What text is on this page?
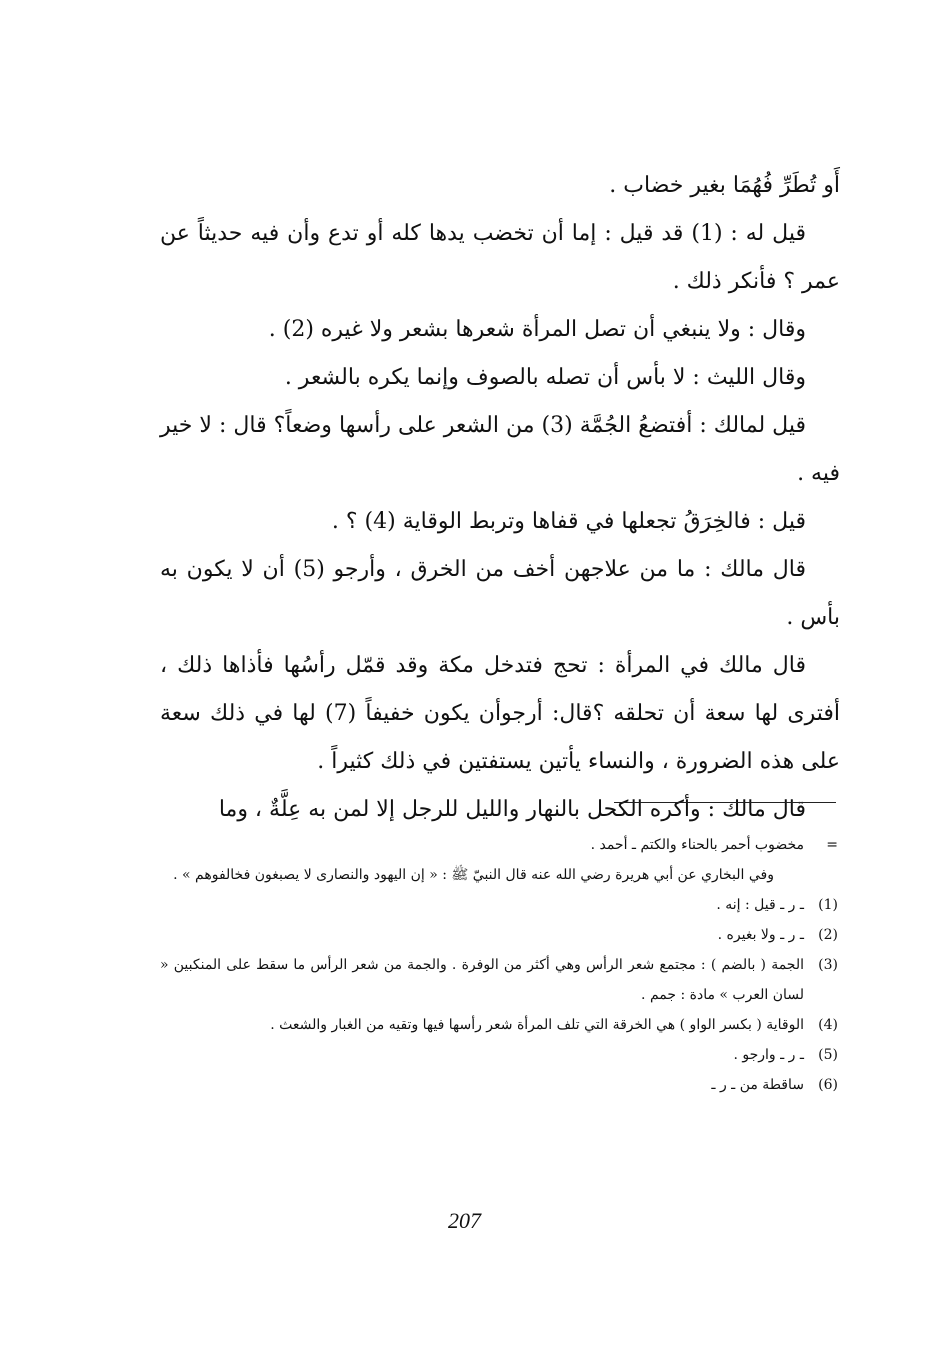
أَو تُطَرِّ فُهُمَا بغير خضاب .

قيل له : (1) قد قيل : إما أن تخضب يدها كله أو تدع وأن فيه حديثاً عن عمر ؟ فأنكر ذلك .

وقال : ولا ينبغي أن تصل المرأة شعرها بشعر ولا غيره (2) .

وقال الليث : لا بأس أن تصله بالصوف وإنما يكره بالشعر .

قيل لمالك : أفتضعُ الجُمَّة (3) من الشعر على رأسها وضعاً؟ قال : لا خير فيه .

قيل : فالخِرَقُ تجعلها في قفاها وتربط الوقاية (4) ؟ .

قال مالك : ما من علاجهن أخف من الخرق ، وأرجو (5) أن لا يكون به بأس .

قال مالك في المرأة : تحج فتدخل مكة وقد قمّل رأسُها فأذاها ذلك ، أفترى لها سعة أن تحلقه ؟قال: أرجوأن يكون خفيفاً (7) لها في ذلك سعة على هذه الضرورة ، والنساء يأتين يستفتين في ذلك كثيراً .

قال مالك : وأكره الكحل بالنهار والليل للرجل إلا لمن به عِلَّةٌ ، وما

=
مخضوب أحمر بالحناء والكتم ـ أحمد .
وفي البخاري عن أبي هريرة رضي الله عنه قال النبيّ ﷺ : « إن اليهود والنصارى لا يصبغون فخالفوهم » .
(1)
ـ ر ـ قيل : إنه .
(2)
ـ ر ـ ولا بغيره .
(3)
الجمة ( بالضم ) : مجتمع شعر الرأس وهي أكثر من الوفرة . والجمة من شعر الرأس ما سقط على المنكبين « لسان العرب » مادة : جمم .
(4)
الوقاية ( بكسر الواو ) هي الخرقة التي تلف المرأة شعر رأسها فيها وتقيه من الغبار والشعث .
(5)
ـ ر ـ وارجو .
(6)
ساقطة من ـ ر ـ
207
